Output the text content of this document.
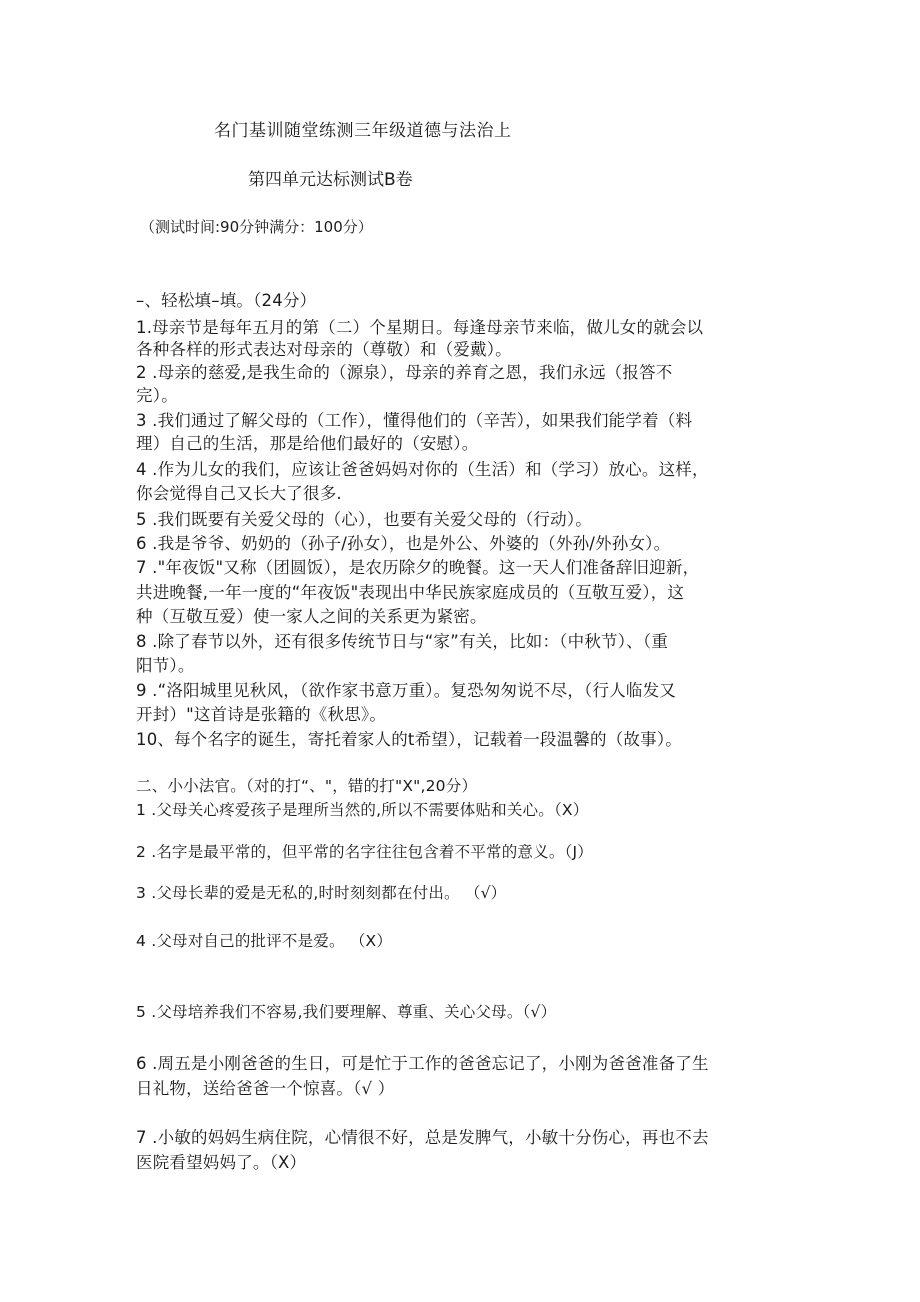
名门基训随堂练测三年级道德与法治上
第四单元达标测试B卷
（测试时间:90分钟满分：100分）
–、轻松填–填。（24分）
1.母亲节是每年五月的第（二）个星期日。每逢母亲节来临，做儿女的就会以
各种各样的形式表达对母亲的（尊敬）和（爱戴）。
2 .母亲的慈爱,是我生命的（源泉），母亲的养育之恩，我们永远（报答不
完）。
3 .我们通过了解父母的（工作），懂得他们的（辛苦），如果我们能学着（料
理）自己的生活，那是给他们最好的（安慰）。
4 .作为儿女的我们，应该让爸爸妈妈对你的（生活）和（学习）放心。这样，
你会觉得自己又长大了很多.
5 .我们既要有关爱父母的（心），也要有关爱父母的（行动）。
6 .我是爷爷、奶奶的（孙子/孙女），也是外公、外婆的（外孙/外孙女）。
7 ."年夜饭"又称（团圆饭），是农历除夕的晚餐。这一天人们准备辞旧迎新，
共进晚餐,一年一度的“年夜饭"表现出中华民族家庭成员的（互敬互爱），这
种（互敬互爱）使一家人之间的关系更为紧密。
8 .除了春节以外，还有很多传统节日与“家”有关，比如：（中秋节）、（重
阳节）。
9 .“洛阳城里见秋风，（欲作家书意万重）。复恐匆匆说不尽，（行人临发又
开封）"这首诗是张籍的《秋思》。
10、每个名字的诞生，寄托着家人的t希望），记载着一段温馨的（故事）。
二、小小法官。（对的打“、"，错的打"X",20分）
1 .父母关心疼爱孩子是理所当然的,所以不需要体贴和关心。（X）
2 .名字是最平常的，但平常的名字往往包含着不平常的意义。（J）
3 .父母长辈的爱是无私的,时时刻刻都在付出。 （√）
4 .父母对自己的批评不是爱。 （X）
5 .父母培养我们不容易,我们要理解、尊重、关心父母。（√）
6 .周五是小刚爸爸的生日，可是忙于工作的爸爸忘记了，小刚为爸爸准备了生
日礼物，送给爸爸一个惊喜。（√ ）
7 .小敏的妈妈生病住院，心情很不好，总是发脾气，小敏十分伤心，再也不去
医院看望妈妈了。（X）
